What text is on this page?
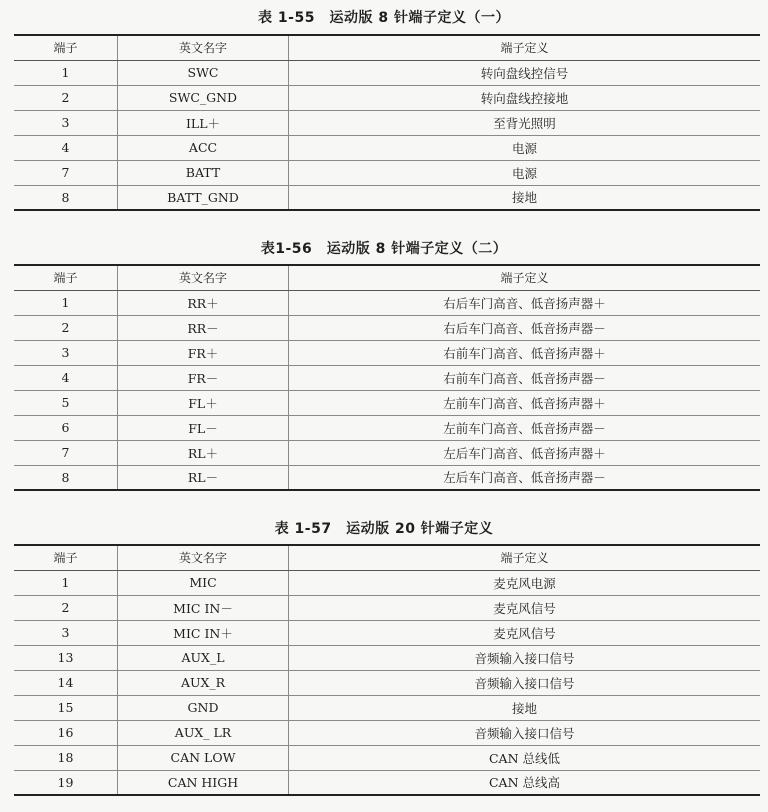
表 1-55　运动版 8 针端子定义（一）
端子	英文名字	端子定义
1	SWC	转向盘线控信号
2	SWC_GND	转向盘线控接地
3	ILL＋	至背光照明
4	ACC	电源
7	BATT	电源
8	BATT_GND	接地
表1-56　运动版 8 针端子定义（二）
端子	英文名字	端子定义
1	RR＋	右后车门高音、低音扬声器＋
2	RR－	右后车门高音、低音扬声器－
3	FR＋	右前车门高音、低音扬声器＋
4	FR－	右前车门高音、低音扬声器－
5	FL＋	左前车门高音、低音扬声器＋
6	FL－	左前车门高音、低音扬声器－
7	RL＋	左后车门高音、低音扬声器＋
8	RL－	左后车门高音、低音扬声器－
表 1-57　运动版 20 针端子定义
端子	英文名字	端子定义
1	MIC	麦克风电源
2	MIC IN－	麦克风信号
3	MIC IN＋	麦克风信号
13	AUX_L	音频输入接口信号
14	AUX_R	音频输入接口信号
15	GND	接地
16	AUX_ LR	音频输入接口信号
18	CAN LOW	CAN 总线低
19	CAN HIGH	CAN 总线高
